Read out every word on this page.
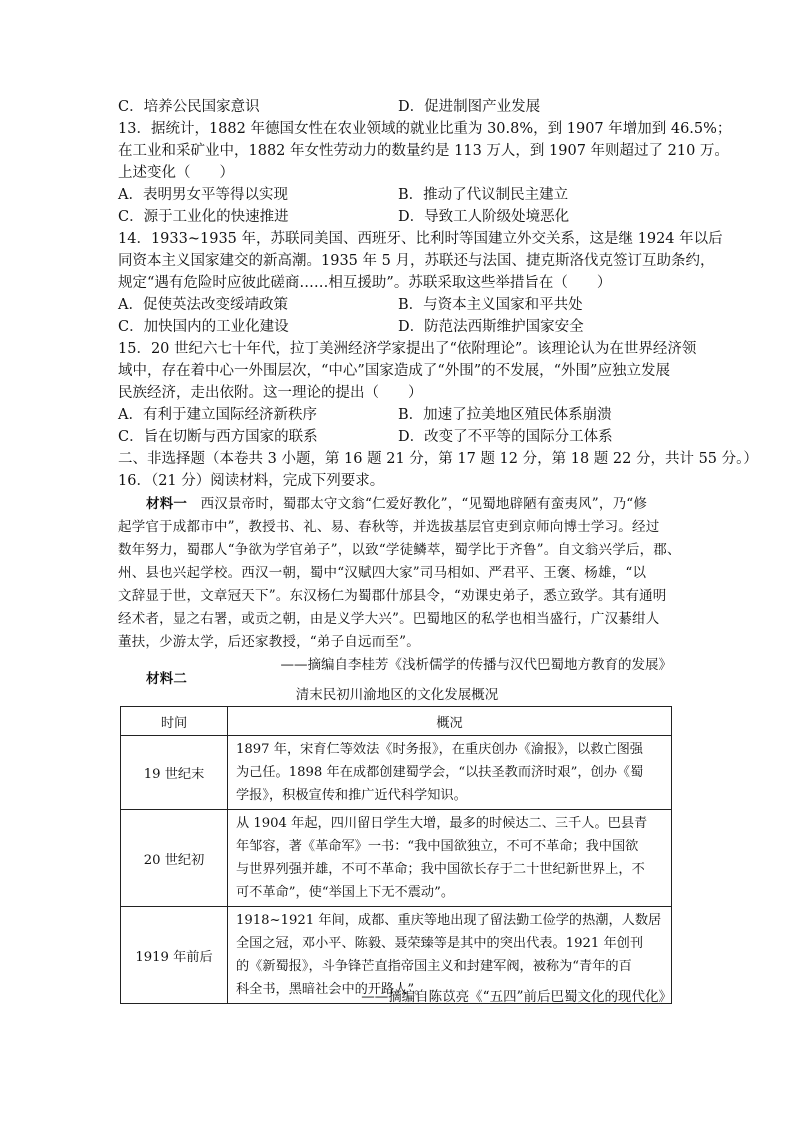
C．培养公民国家意识	D．促进制图产业发展
13．据统计，1882 年德国女性在农业领域的就业比重为 30.8%，到 1907 年增加到 46.5%；
在工业和采矿业中，1882 年女性劳动力的数量约是 113 万人，到 1907 年则超过了 210 万。
上述变化（　　）
A．表明男女平等得以实现	B．推动了代议制民主建立
C．源于工业化的快速推进	D．导致工人阶级处境恶化
14．1933~1935 年，苏联同美国、西班牙、比利时等国建立外交关系，这是继 1924 年以后
同资本主义国家建交的新高潮。1935 年 5 月，苏联还与法国、捷克斯洛伐克签订互助条约，
规定“遇有危险时应彼此磋商……相互援助”。苏联采取这些举措旨在（　　）
A．促使英法改变绥靖政策	B．与资本主义国家和平共处
C．加快国内的工业化建设	D．防范法西斯维护国家安全
15．20 世纪六七十年代，拉丁美洲经济学家提出了“依附理论”。该理论认为在世界经济领
域中，存在着中心一外围层次，“中心”国家造成了“外围”的不发展，“外围”应独立发展
民族经济，走出依附。这一理论的提出（　　）
A．有利于建立国际经济新秩序	B．加速了拉美地区殖民体系崩溃
C．旨在切断与西方国家的联系	D．改变了不平等的国际分工体系
二、非选择题（本卷共 3 小题，第 16 题 21 分，第 17 题 12 分，第 18 题 22 分，共计 55 分。）
16．（21 分）阅读材料，完成下列要求。
材料一 西汉景帝时，蜀郡太守文翁“仁爱好教化”，“见蜀地辟陋有蛮夷风”，乃“修
起学官于成都市中”，教授书、礼、易、春秋等，并选拔基层官吏到京师向博士学习。经过
数年努力，蜀郡人“争欲为学官弟子”，以致“学徒鳞萃，蜀学比于齐鲁”。自文翁兴学后，郡、
州、县也兴起学校。西汉一朝，蜀中“汉赋四大家”司马相如、严君平、王褒、杨雄，“以
文辞显于世，文章冠天下”。东汉杨仁为蜀郡什邡县令，“劝课史弟子，悉立致学。其有通明
经术者，显之右署，或贡之朝，由是义学大兴”。巴蜀地区的私学也相当盛行，广汉綦绀人
董扶，少游太学，后还家教授，“弟子自远而至”。
——摘编自李桂芳《浅析儒学的传播与汉代巴蜀地方教育的发展》
材料二
清末民初川渝地区的文化发展概况
时间	概况
19 世纪末	1897 年，宋育仁等效法《时务报》，在重庆创办《渝报》，以救亡图强
为己任。1898 年在成都创建蜀学会，“以扶圣教而济时艰”，创办《蜀
学报》，积极宣传和推广近代科学知识。

20 世纪初	从 1904 年起，四川留日学生大增，最多的时候达二、三千人。巴县青
年邹容，著《革命军》一书：“我中国欲独立，不可不革命；我中国欲
与世界列强并雄，不可不革命；我中国欲长存于二十世纪新世界上，不
可不革命”，使“举国上下无不震动”。

1919 年前后	1918~1921 年间，成都、重庆等地出现了留法勤工俭学的热潮，人数居
全国之冠，邓小平、陈毅、聂荣臻等是其中的突出代表。1921 年创刊
的《新蜀报》，斗争锋芒直指帝国主义和封建军阀，被称为“青年的百
科全书，黑暗社会中的开路人”。
——摘编自陈苡亮《“五四”前后巴蜀文化的现代化》
